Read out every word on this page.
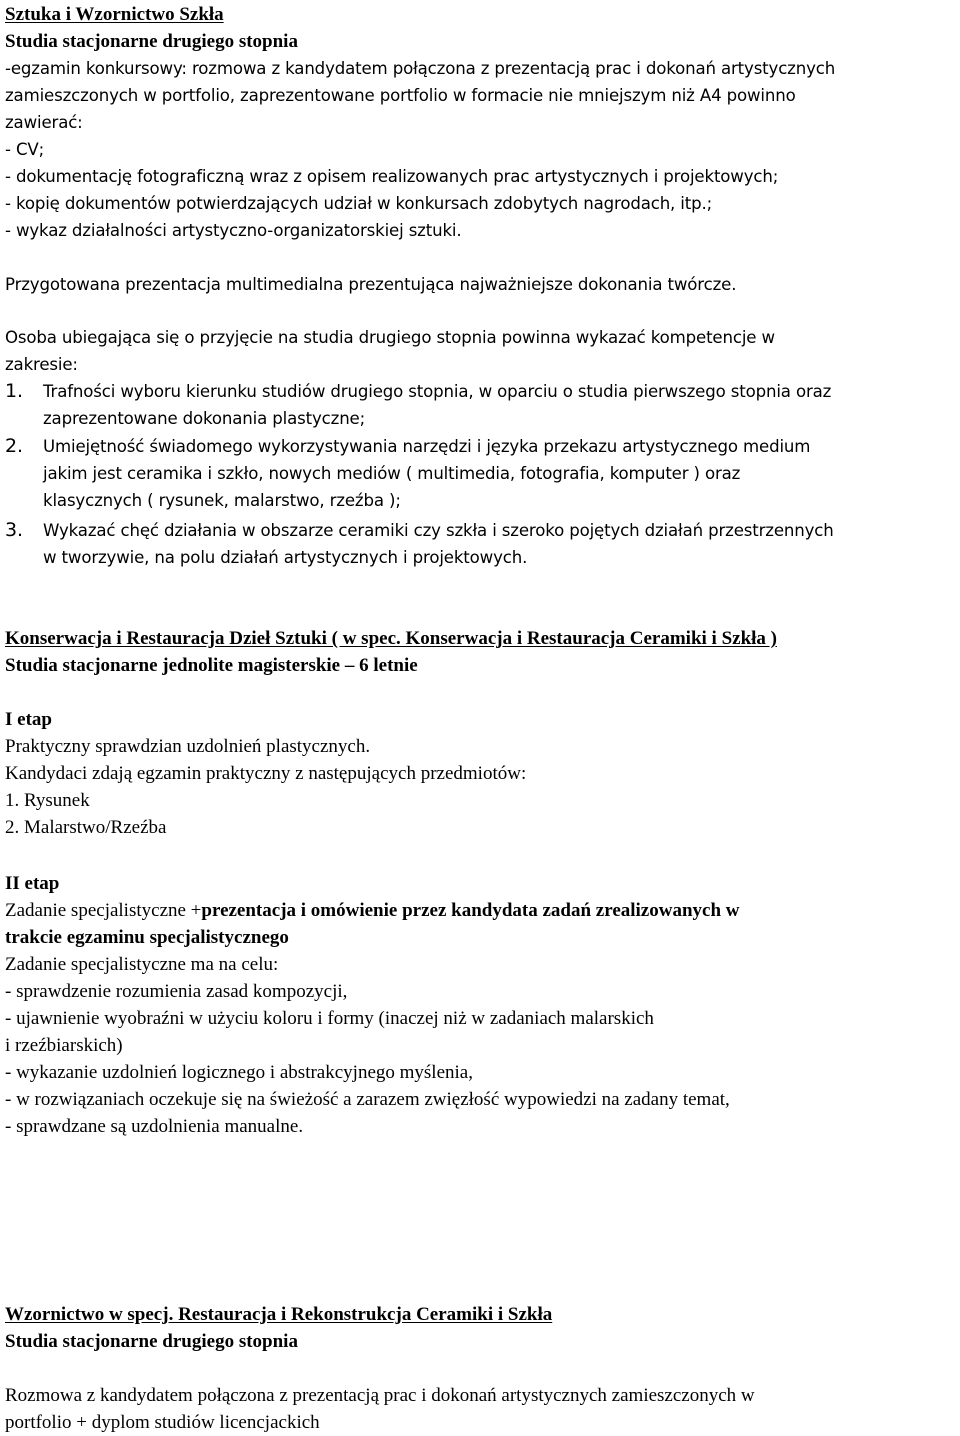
Sztuka i Wzornictwo Szkła
Studia stacjonarne drugiego stopnia
-egzamin konkursowy: rozmowa z kandydatem połączona z prezentacją prac i dokonań artystycznych
zamieszczonych w portfolio, zaprezentowane portfolio w formacie nie mniejszym niż A4 powinno
zawierać:
- CV;
- dokumentację fotograficzną wraz z opisem realizowanych prac artystycznych i projektowych;
- kopię dokumentów potwierdzających udział w konkursach zdobytych nagrodach, itp.;
- wykaz działalności artystyczno-organizatorskiej sztuki.
Przygotowana prezentacja multimedialna prezentująca najważniejsze dokonania twórcze.
Osoba ubiegająca się o przyjęcie na studia drugiego stopnia powinna wykazać kompetencje w
zakresie:
1. Trafności wyboru kierunku studiów drugiego stopnia, w oparciu o studia pierwszego stopnia oraz
zaprezentowane dokonania plastyczne;
2. Umiejętność świadomego wykorzystywania narzędzi i języka przekazu artystycznego medium
jakim jest ceramika i szkło, nowych mediów ( multimedia, fotografia, komputer ) oraz
klasycznych ( rysunek, malarstwo, rzeźba );
3. Wykazać chęć działania w obszarze ceramiki czy szkła i szeroko pojętych działań przestrzennych
w tworzywie, na polu działań artystycznych i projektowych.
Konserwacja i Restauracja Dzieł Sztuki ( w spec. Konserwacja i Restauracja Ceramiki i Szkła )
Studia stacjonarne jednolite magisterskie – 6 letnie
I etap
Praktyczny sprawdzian uzdolnień plastycznych.
Kandydaci zdają egzamin praktyczny z następujących przedmiotów:
1. Rysunek
2. Malarstwo/Rzeźba
II etap
Zadanie specjalistyczne +prezentacja i omówienie przez kandydata zadań zrealizowanych w
trakcie egzaminu specjalistycznego
Zadanie specjalistyczne ma na celu:
- sprawdzenie rozumienia zasad kompozycji,
- ujawnienie wyobraźni w użyciu koloru i formy (inaczej niż w zadaniach malarskich
i rzeźbiarskich)
- wykazanie uzdolnień logicznego i abstrakcyjnego myślenia,
- w rozwiązaniach oczekuje się na świeżość a zarazem zwięzłość wypowiedzi na zadany temat,
- sprawdzane są uzdolnienia manualne.
Wzornictwo w specj. Restauracja i Rekonstrukcja Ceramiki i Szkła
Studia stacjonarne drugiego stopnia
Rozmowa z kandydatem połączona z prezentacją prac i dokonań artystycznych zamieszczonych w
portfolio + dyplom studiów licencjackich
